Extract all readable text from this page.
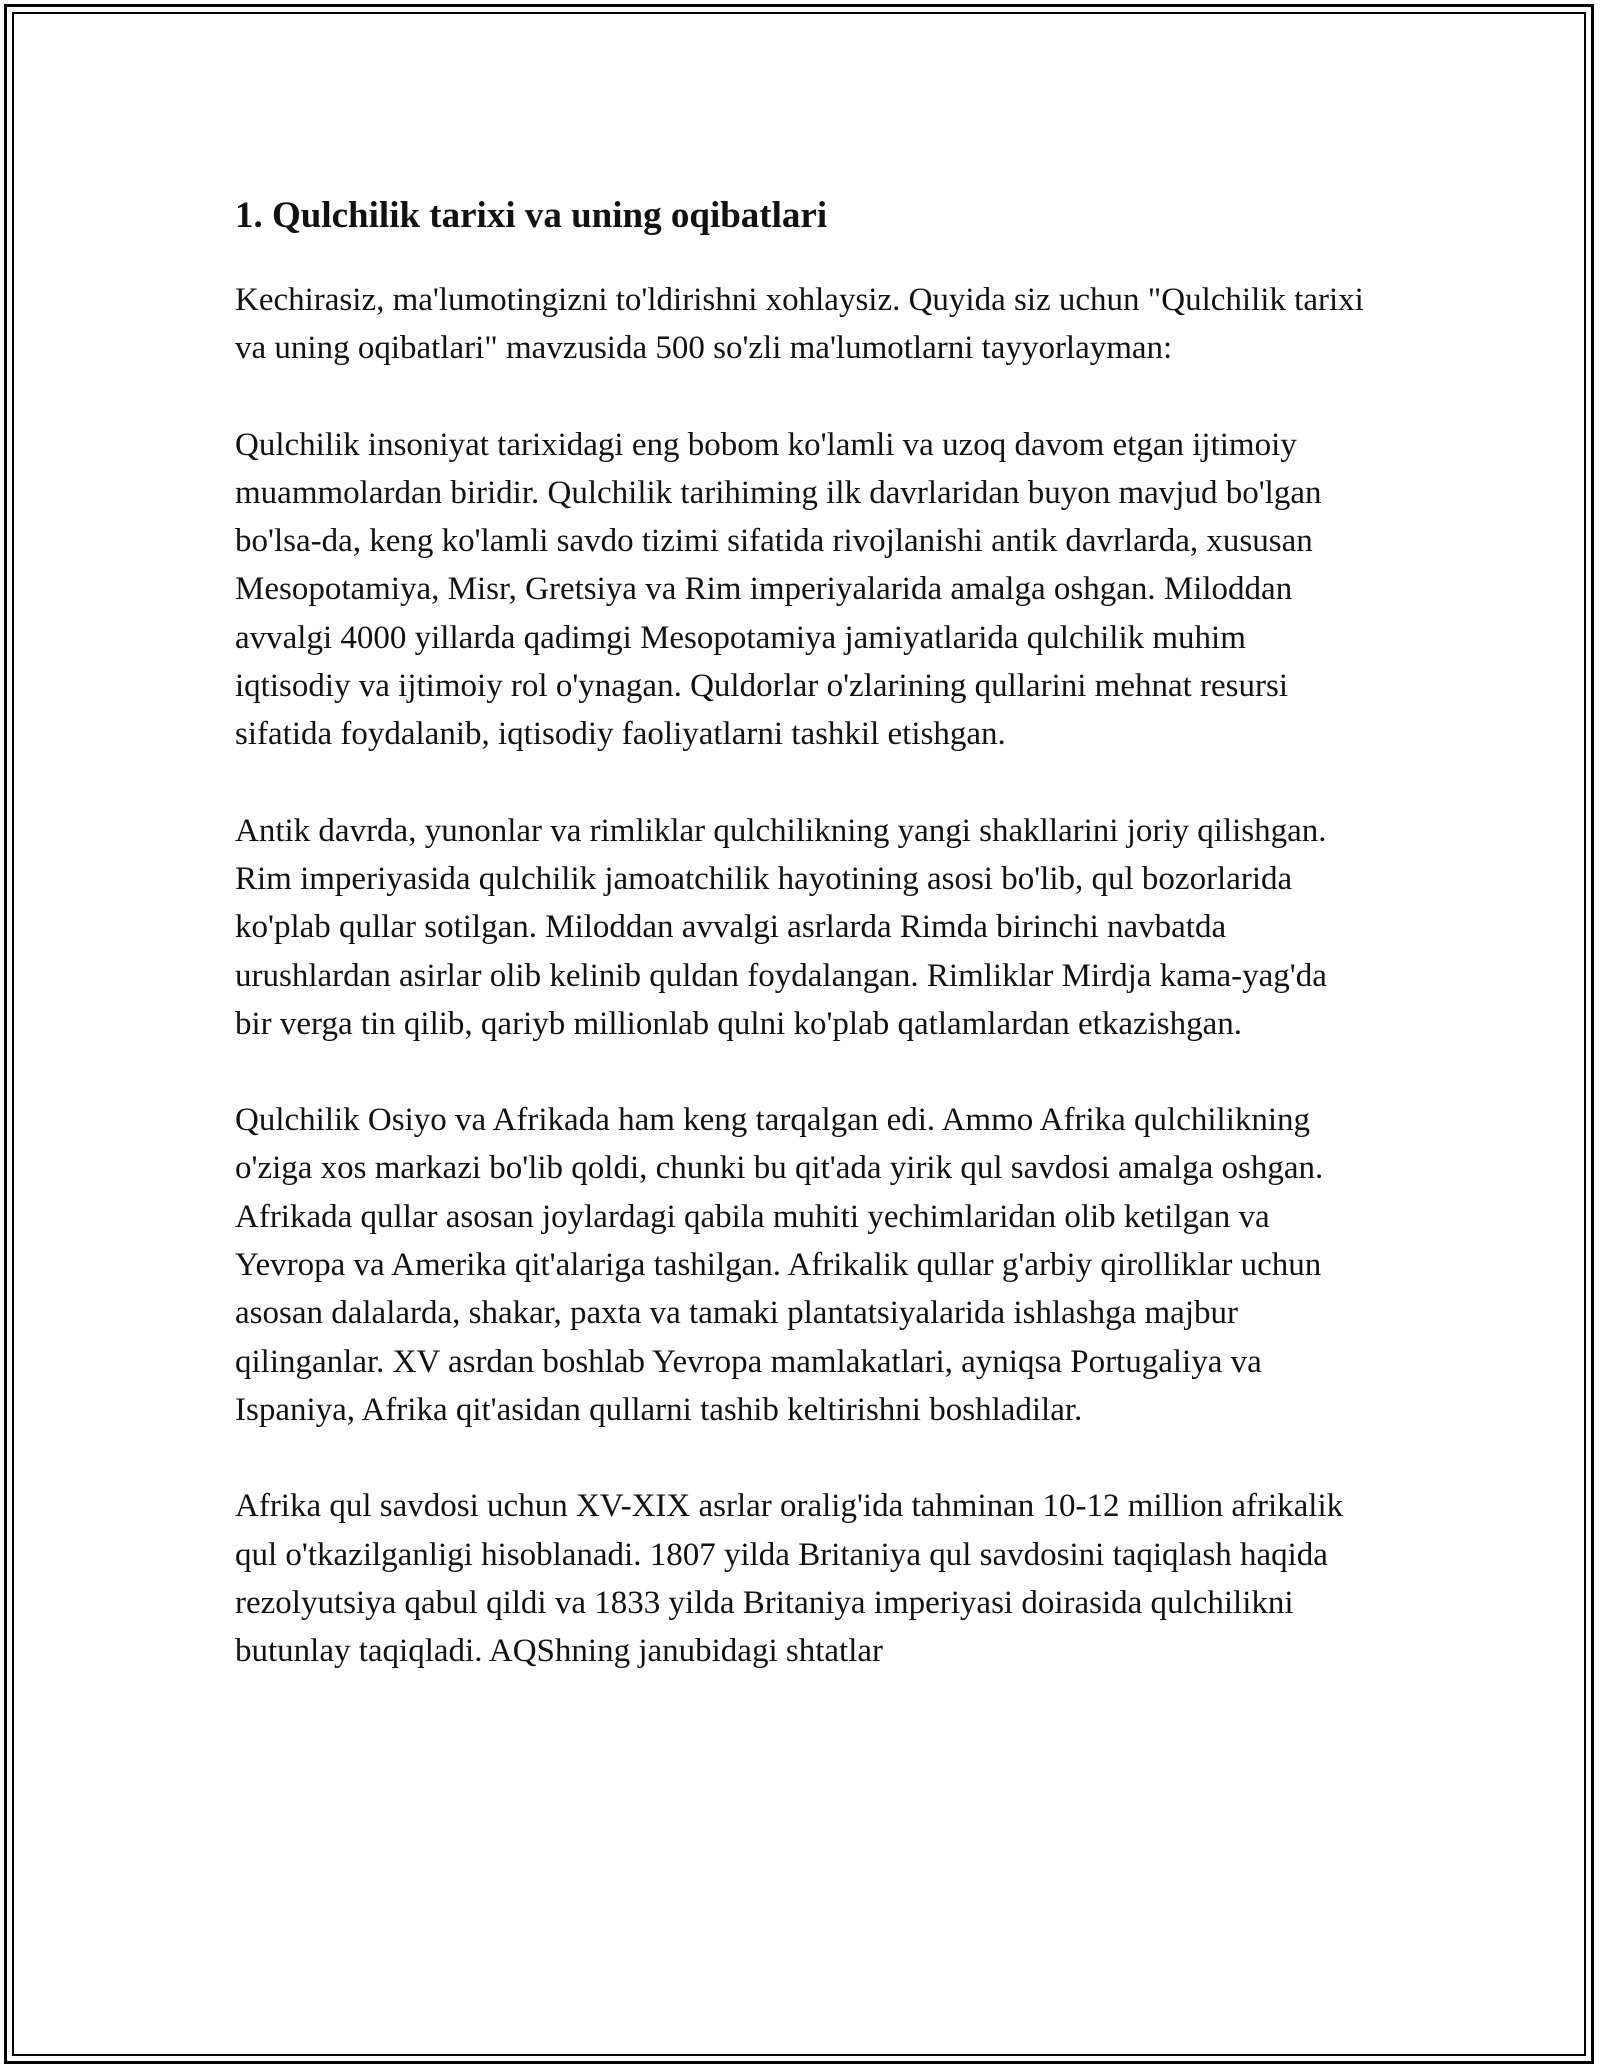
1. Qulchilik tarixi va uning oqibatlari

Kechirasiz, ma'lumotingizni to'ldirishni xohlaysiz. Quyida siz uchun "Qulchilik tarixi va uning oqibatlari" mavzusida 500 so'zli ma'lumotlarni tayyorlayman:

Qulchilik insoniyat tarixidagi eng bobom ko'lamli va uzoq davom etgan ijtimoiy muammolardan biridir. Qulchilik tarihiming ilk davrlaridan buyon mavjud bo'lgan bo'lsa-da, keng ko'lamli savdo tizimi sifatida rivojlanishi antik davrlarda, xususan Mesopotamiya, Misr, Gretsiya va Rim imperiyalarida amalga oshgan. Miloddan avvalgi 4000 yillarda qadimgi Mesopotamiya jamiyatlarida qulchilik muhim iqtisodiy va ijtimoiy rol o'ynagan. Quldorlar o'zlarining qullarini mehnat resursi sifatida foydalanib, iqtisodiy faoliyatlarni tashkil etishgan.

Antik davrda, yunonlar va rimliklar qulchilikning yangi shakllarini joriy qilishgan. Rim imperiyasida qulchilik jamoatchilik hayotining asosi bo'lib, qul bozorlarida ko'plab qullar sotilgan. Miloddan avvalgi asrlarda Rimda birinchi navbatda urushlardan asirlar olib kelinib quldan foydalangan. Rimliklar Mirdja kama-yag'da bir verga tin qilib, qariyb millionlab qulni ko'plab qatlamlardan etkazishgan.

Qulchilik Osiyo va Afrikada ham keng tarqalgan edi. Ammo Afrika qulchilikning o'ziga xos markazi bo'lib qoldi, chunki bu qit'ada yirik qul savdosi amalga oshgan. Afrikada qullar asosan joylardagi qabila muhiti yechimlaridan olib ketilgan va Yevropa va Amerika qit'alariga tashilgan. Afrikalik qullar g'arbiy qirolliklar uchun asosan dalalarda, shakar, paxta va tamaki plantatsiyalarida ishlashga majbur qilinganlar. XV asrdan boshlab Yevropa mamlakatlari, ayniqsa Portugaliya va Ispaniya, Afrika qit'asidan qullarni tashib keltirishni boshladilar.

Afrika qul savdosi uchun XV-XIX asrlar oralig'ida tahminan 10-12 million afrikalik qul o'tkazilganligi hisoblanadi. 1807 yilda Britaniya qul savdosini taqiqlash haqida rezolyutsiya qabul qildi va 1833 yilda Britaniya imperiyasi doirasida qulchilikni butunlay taqiqladi. AQShning janubidagi shtatlar
